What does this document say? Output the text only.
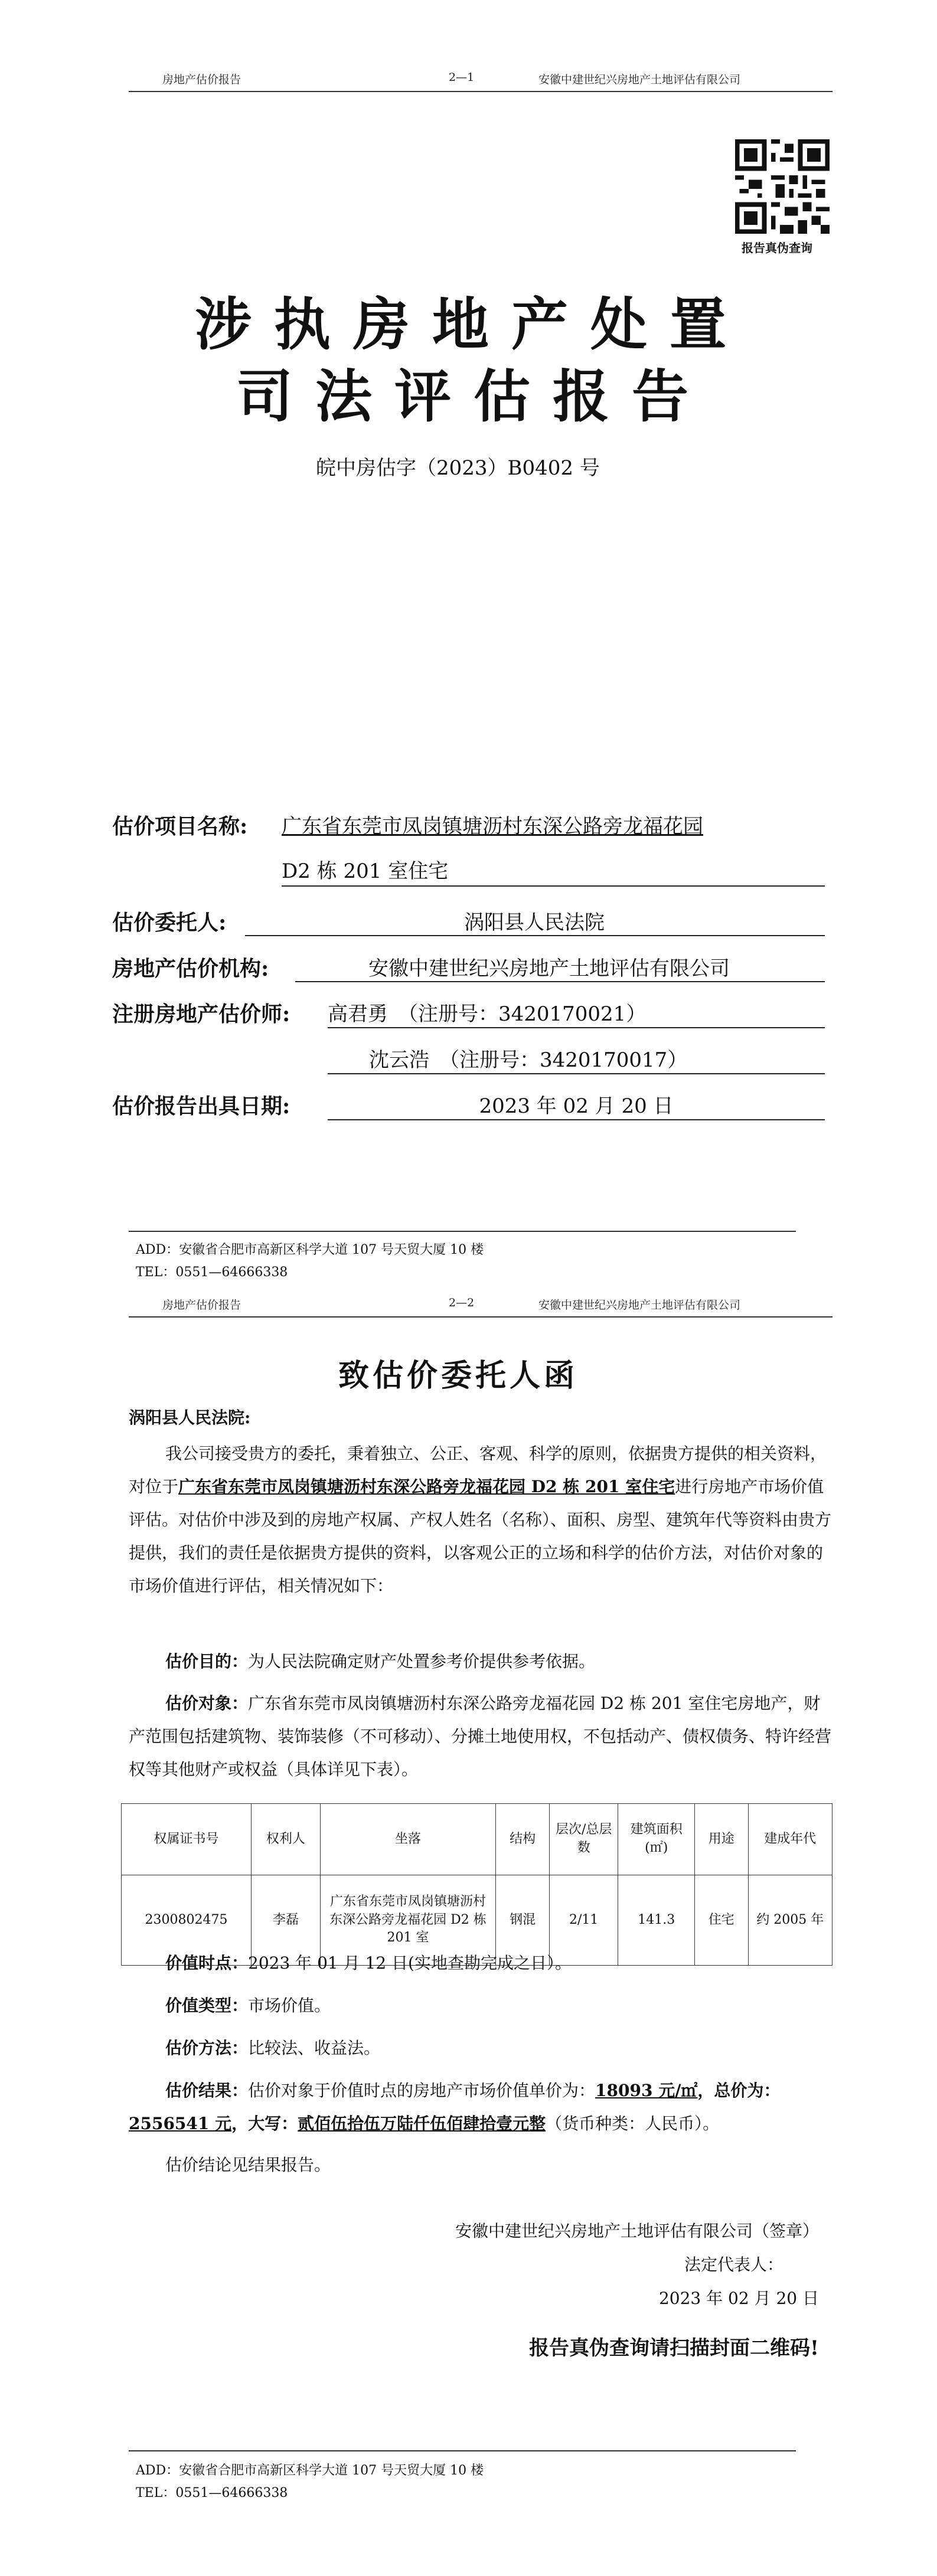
房地产估价报告	2—1	安徽中建世纪兴房地产土地评估有限公司
报告真伪查询
涉执房地产处置
司法评估报告
皖中房估字（2023）B0402 号
估价项目名称: 广东省东莞市凤岗镇塘沥村东深公路旁龙福花园
D2 栋 201 室住宅
估价委托人:	涡阳县人民法院
房地产估价机构:	安徽中建世纪兴房地产土地评估有限公司
注册房地产估价师: 高君勇　（注册号：3420170021）
沈云浩　（注册号：3420170017）
估价报告出具日期:	2023 年 02 月 20 日
ADD：安徽省合肥市高新区科学大道 107 号天贸大厦 10 楼
TEL：0551—64666338
房地产估价报告	2—2	安徽中建世纪兴房地产土地评估有限公司
致估价委托人函
涡阳县人民法院:
我公司接受贵方的委托，秉着独立、公正、客观、科学的原则，依据贵方提供的相关资料，对位于广东省东莞市凤岗镇塘沥村东深公路旁龙福花园 D2 栋 201 室住宅进行房地产市场价值评估。对估价中涉及到的房地产权属、产权人姓名（名称）、面积、房型、建筑年代等资料由贵方提供，我们的责任是依据贵方提供的资料，以客观公正的立场和科学的估价方法，对估价对象的市场价值进行评估，相关情况如下：
估价目的：为人民法院确定财产处置参考价提供参考依据。
估价对象：广东省东莞市凤岗镇塘沥村东深公路旁龙福花园 D2 栋 201 室住宅房地产，财产范围包括建筑物、装饰装修（不可移动）、分摊土地使用权，不包括动产、债权债务、特许经营权等其他财产或权益（具体详见下表）。
权属证书号	权利人	坐落	结构	层次/总层数	建筑面积(㎡)	用途	建成年代
2300802475	李磊	广东省东莞市凤岗镇塘沥村东深公路旁龙福花园 D2 栋 201 室	钢混	2/11	141.3	住宅	约 2005 年
价值时点：2023 年 01 月 12 日(实地查勘完成之日）。
价值类型：市场价值。
估价方法：比较法、收益法。
估价结果：估价对象于价值时点的房地产市场价值单价为：18093 元/㎡，总价为：2556541 元，大写：贰佰伍拾伍万陆仟伍佰肆拾壹元整（货币种类：人民币）。
估价结论见结果报告。
安徽中建世纪兴房地产土地评估有限公司（签章）
法定代表人：
2023 年 02 月 20 日
报告真伪查询请扫描封面二维码!
ADD：安徽省合肥市高新区科学大道 107 号天贸大厦 10 楼
TEL：0551—64666338
